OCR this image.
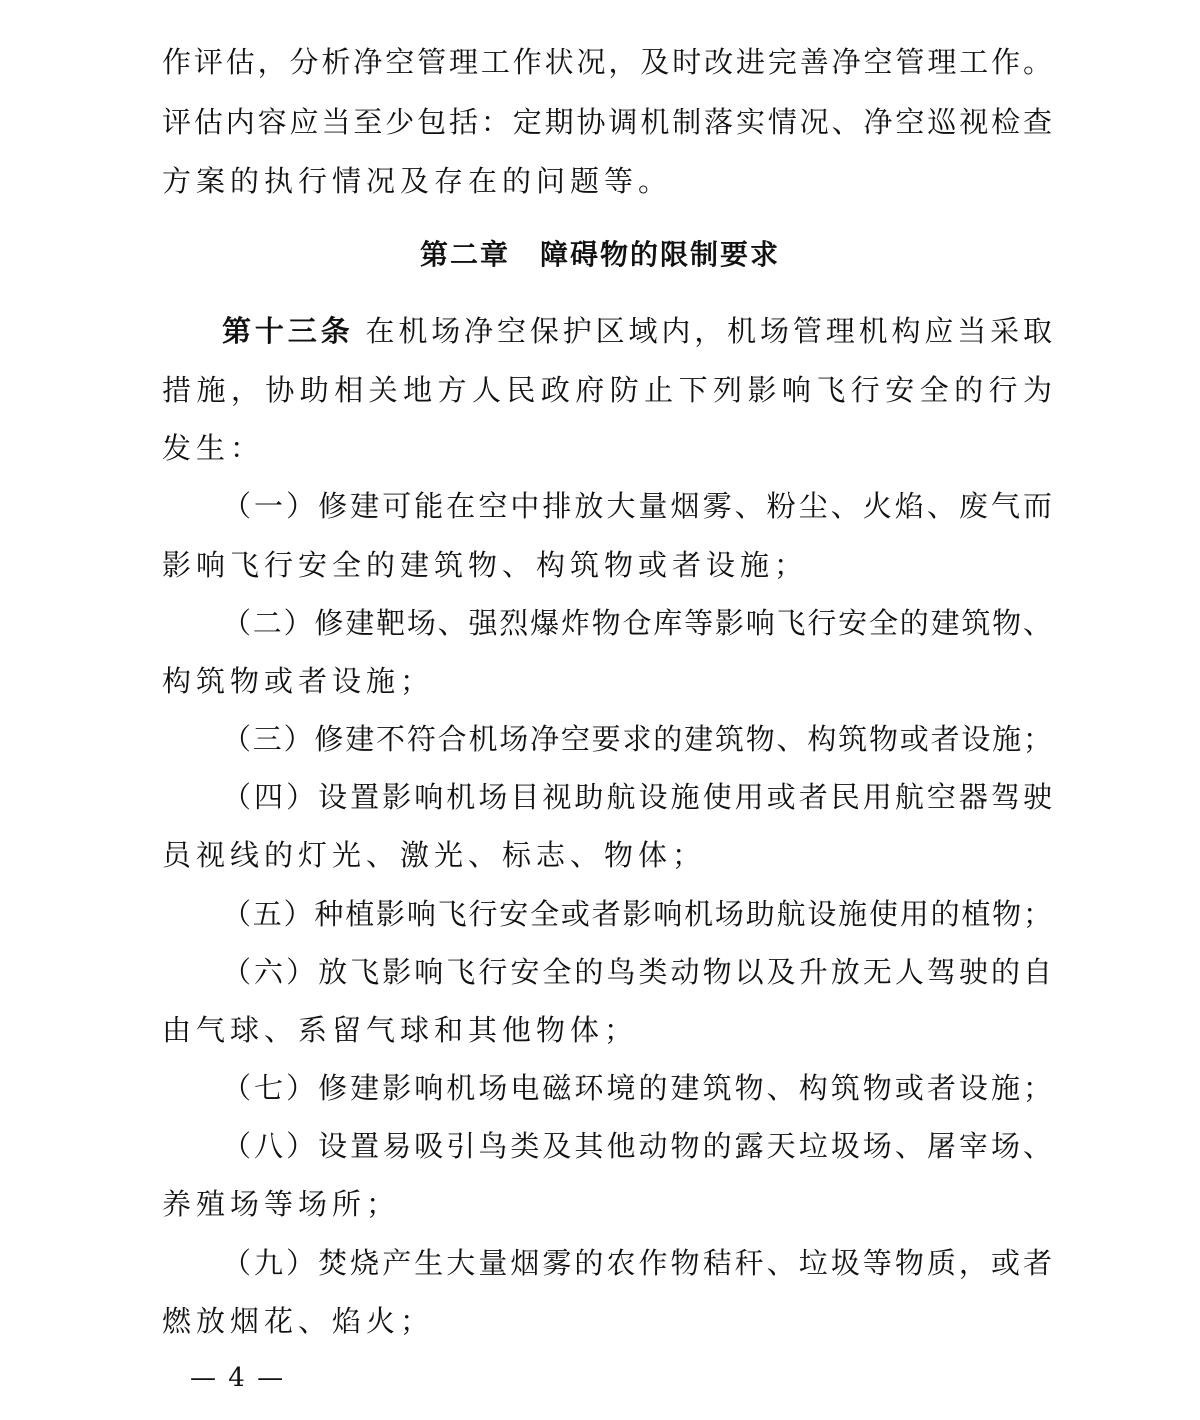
作评估，分析净空管理工作状况，及时改进完善净空管理工作。
评估内容应当至少包括：定期协调机制落实情况、净空巡视检查
方案的执行情况及存在的问题等。
第二章 障碍物的限制要求
第十三条 在机场净空保护区域内，机场管理机构应当采取
措施，协助相关地方人民政府防止下列影响飞行安全的行为
发生：
（一）修建可能在空中排放大量烟雾、粉尘、火焰、废气而
影响飞行安全的建筑物、构筑物或者设施；
（二）修建靶场、强烈爆炸物仓库等影响飞行安全的建筑物、
构筑物或者设施；
（三）修建不符合机场净空要求的建筑物、构筑物或者设施；
（四）设置影响机场目视助航设施使用或者民用航空器驾驶
员视线的灯光、激光、标志、物体；
（五）种植影响飞行安全或者影响机场助航设施使用的植物；
（六）放飞影响飞行安全的鸟类动物以及升放无人驾驶的自
由气球、系留气球和其他物体；
（七）修建影响机场电磁环境的建筑物、构筑物或者设施；
（八）设置易吸引鸟类及其他动物的露天垃圾场、屠宰场、
养殖场等场所；
（九）焚烧产生大量烟雾的农作物秸秆、垃圾等物质，或者
燃放烟花、焰火；
— 4 —
